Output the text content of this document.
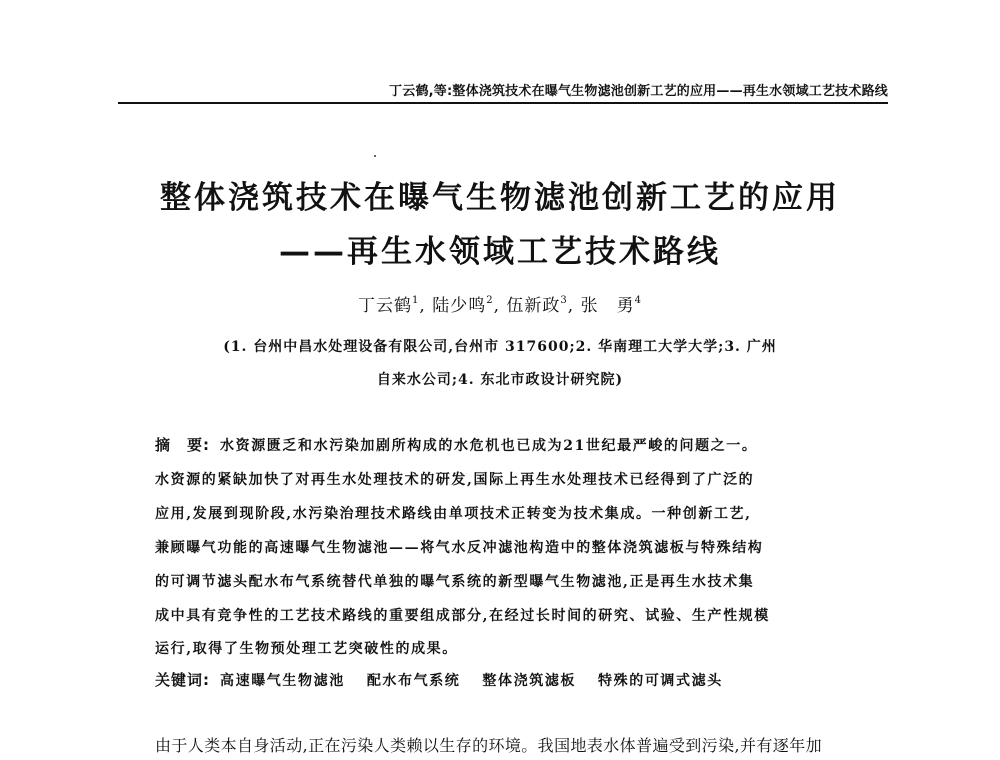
丁云鹤,等:整体浇筑技术在曝气生物滤池创新工艺的应用——再生水领域工艺技术路线
整体浇筑技术在曝气生物滤池创新工艺的应用
——再生水领域工艺技术路线
丁云鹤$^1$, 陆少鸣$^2$, 伍新政$^3$, 张　勇$^4$
(1. 台州中昌水处理设备有限公司,台州市 317600;2. 华南理工大学大学;3. 广州
自来水公司;4. 东北市政设计研究院)
摘　要: 水资源匮乏和水污染加剧所构成的水危机也已成为21世纪最严峻的问题之一。
水资源的紧缺加快了对再生水处理技术的研发,国际上再生水处理技术已经得到了广泛的
应用,发展到现阶段,水污染治理技术路线由单项技术正转变为技术集成。一种创新工艺,
兼顾曝气功能的高速曝气生物滤池——将气水反冲滤池构造中的整体浇筑滤板与特殊结构
的可调节滤头配水布气系统替代单独的曝气系统的新型曝气生物滤池,正是再生水技术集
成中具有竞争性的工艺技术路线的重要组成部分,在经过长时间的研究、试验、生产性规模
运行,取得了生物预处理工艺突破性的成果。
关键词: 高速曝气生物滤池 配水布气系统 整体浇筑滤板 特殊的可调式滤头
由于人类本自身活动,正在污染人类赖以生存的环境。我国地表水体普遍受到污染,并有逐年加
